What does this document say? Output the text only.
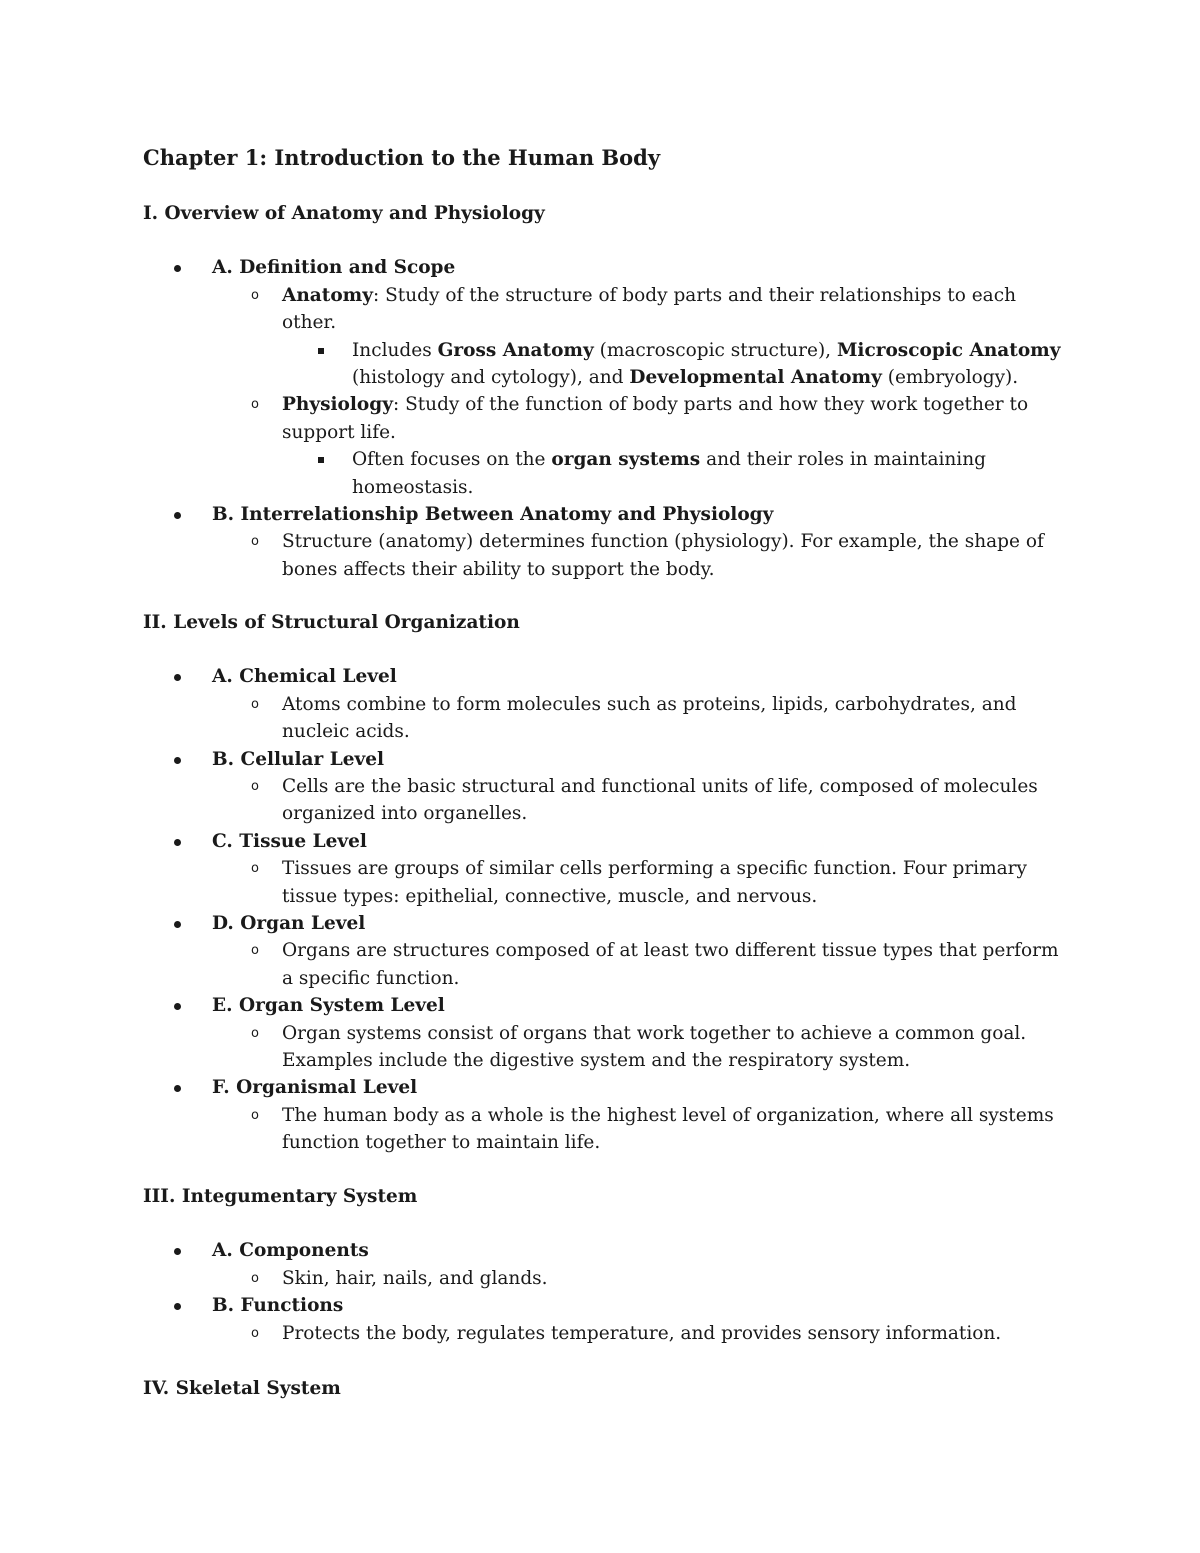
Chapter 1: Introduction to the Human Body
I. Overview of Anatomy and Physiology
A. Definition and Scope
o Anatomy: Study of the structure of body parts and their relationships to each other.
Includes Gross Anatomy (macroscopic structure), Microscopic Anatomy (histology and cytology), and Developmental Anatomy (embryology).
o Physiology: Study of the function of body parts and how they work together to support life.
Often focuses on the organ systems and their roles in maintaining homeostasis.
B. Interrelationship Between Anatomy and Physiology
o Structure (anatomy) determines function (physiology). For example, the shape of bones affects their ability to support the body.
II. Levels of Structural Organization
A. Chemical Level
o Atoms combine to form molecules such as proteins, lipids, carbohydrates, and nucleic acids.
B. Cellular Level
o Cells are the basic structural and functional units of life, composed of molecules organized into organelles.
C. Tissue Level
o Tissues are groups of similar cells performing a specific function. Four primary tissue types: epithelial, connective, muscle, and nervous.
D. Organ Level
o Organs are structures composed of at least two different tissue types that perform a specific function.
E. Organ System Level
o Organ systems consist of organs that work together to achieve a common goal. Examples include the digestive system and the respiratory system.
F. Organismal Level
o The human body as a whole is the highest level of organization, where all systems function together to maintain life.
III. Integumentary System
A. Components
o Skin, hair, nails, and glands.
B. Functions
o Protects the body, regulates temperature, and provides sensory information.
IV. Skeletal System
